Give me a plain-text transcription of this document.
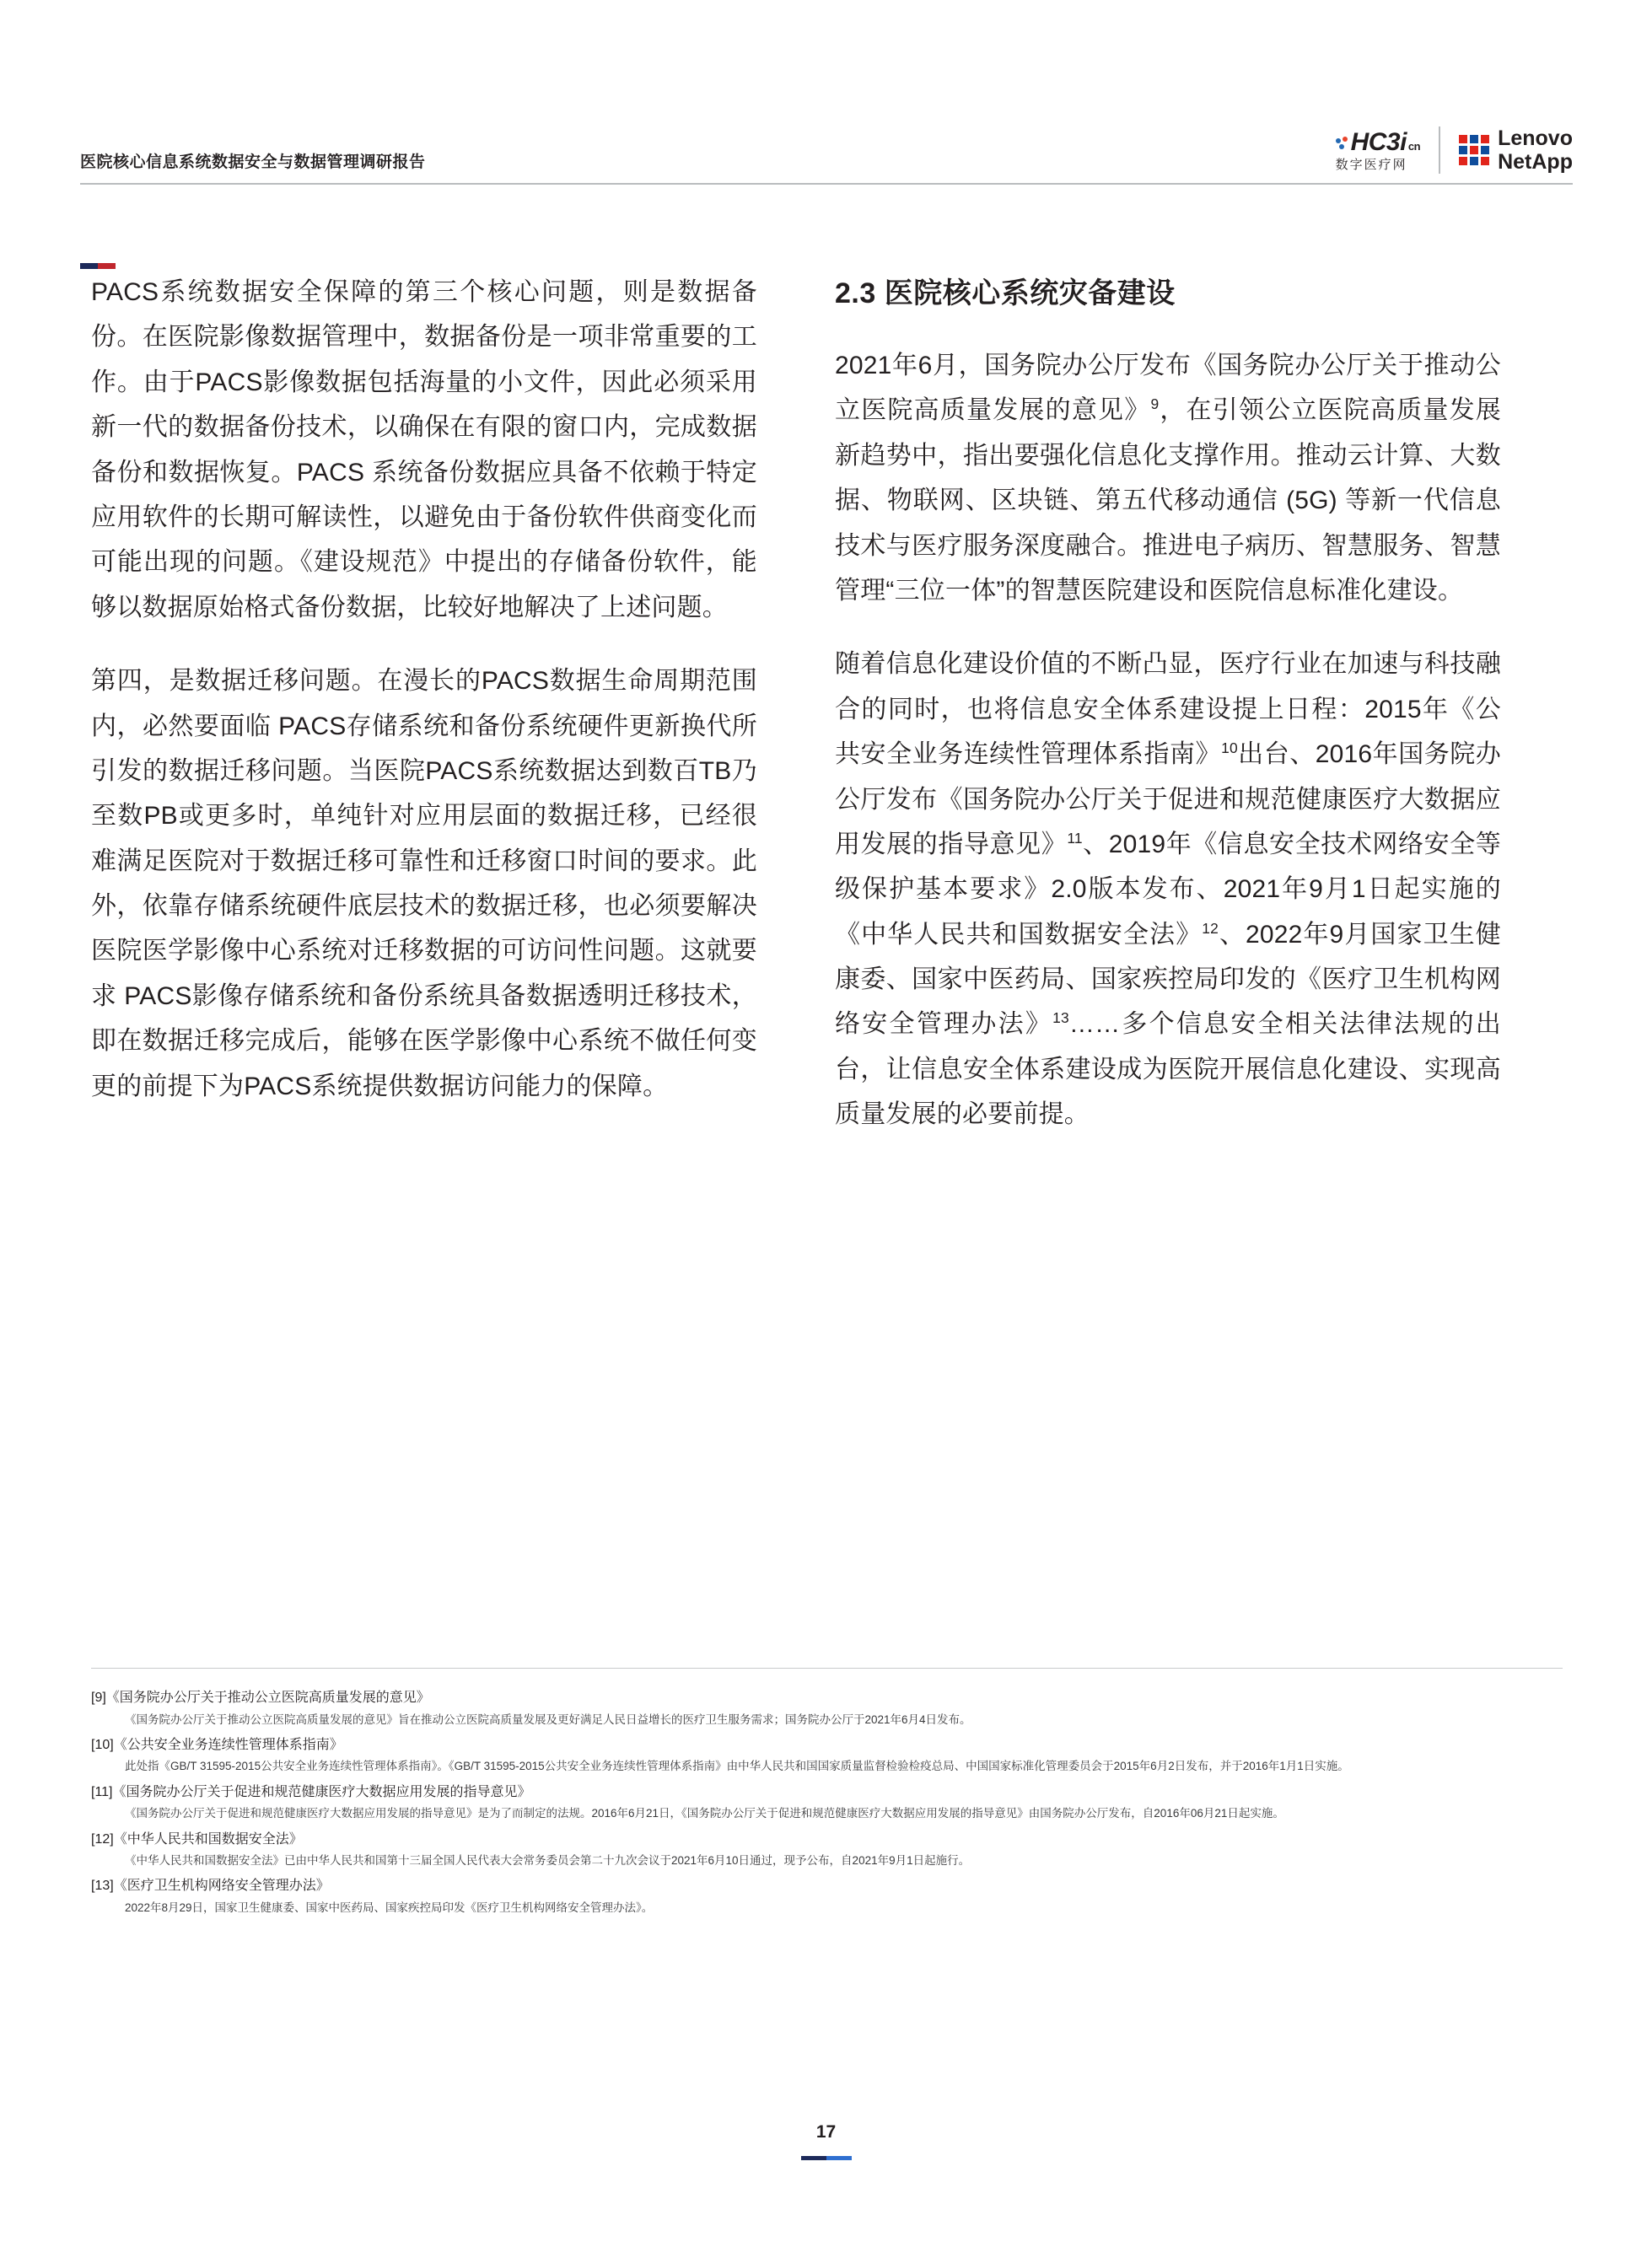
医院核心信息系统数据安全与数据管理调研报告
HC3i cn
数字医疗网
Lenovo
NetApp

PACS系统数据安全保障的第三个核心问题，则是数据备份。在医院影像数据管理中，数据备份是一项非常重要的工作。由于PACS影像数据包括海量的小文件，因此必须采用新一代的数据备份技术，以确保在有限的窗口内，完成数据备份和数据恢复。PACS 系统备份数据应具备不依赖于特定应用软件的长期可解读性，以避免由于备份软件供商变化而可能出现的问题。《建设规范》中提出的存储备份软件，能够以数据原始格式备份数据，比较好地解决了上述问题。

第四，是数据迁移问题。在漫长的PACS数据生命周期范围内，必然要面临 PACS存储系统和备份系统硬件更新换代所引发的数据迁移问题。当医院PACS系统数据达到数百TB乃至数PB或更多时，单纯针对应用层面的数据迁移，已经很难满足医院对于数据迁移可靠性和迁移窗口时间的要求。此外，依靠存储系统硬件底层技术的数据迁移，也必须要解决医院医学影像中心系统对迁移数据的可访问性问题。这就要求 PACS影像存储系统和备份系统具备数据透明迁移技术，即在数据迁移完成后，能够在医学影像中心系统不做任何变更的前提下为PACS系统提供数据访问能力的保障。

2.3 医院核心系统灾备建设

2021年6月，国务院办公厅发布《国务院办公厅关于推动公立医院高质量发展的意见》$^9$，在引领公立医院高质量发展新趋势中，指出要强化信息化支撑作用。推动云计算、大数据、物联网、区块链、第五代移动通信 (5G) 等新一代信息技术与医疗服务深度融合。推进电子病历、智慧服务、智慧管理“三位一体”的智慧医院建设和医院信息标准化建设。

随着信息化建设价值的不断凸显，医疗行业在加速与科技融合的同时，也将信息安全体系建设提上日程：2015年《公共安全业务连续性管理体系指南》$^{10}$出台、2016年国务院办公厅发布《国务院办公厅关于促进和规范健康医疗大数据应用发展的指导意见》$^{11}$、2019年《信息安全技术网络安全等级保护基本要求》2.0版本发布、2021年9月1日起实施的《中华人民共和国数据安全法》$^{12}$、2022年9月国家卫生健康委、国家中医药局、国家疾控局印发的《医疗卫生机构网络安全管理办法》$^{13}$……多个信息安全相关法律法规的出台，让信息安全体系建设成为医院开展信息化建设、实现高质量发展的必要前提。

[9]《国务院办公厅关于推动公立医院高质量发展的意见》
《国务院办公厅关于推动公立医院高质量发展的意见》旨在推动公立医院高质量发展及更好满足人民日益增长的医疗卫生服务需求；国务院办公厅于2021年6月4日发布。
[10]《公共安全业务连续性管理体系指南》
此处指《GB/T 31595-2015公共安全业务连续性管理体系指南》。《GB/T 31595-2015公共安全业务连续性管理体系指南》由中华人民共和国国家质量监督检验检疫总局、中国国家标准化管理委员会于2015年6月2日发布，并于2016年1月1日实施。
[11]《国务院办公厅关于促进和规范健康医疗大数据应用发展的指导意见》
《国务院办公厅关于促进和规范健康医疗大数据应用发展的指导意见》是为了而制定的法规。2016年6月21日，《国务院办公厅关于促进和规范健康医疗大数据应用发展的指导意见》由国务院办公厅发布，自2016年06月21日起实施。
[12]《中华人民共和国数据安全法》
《中华人民共和国数据安全法》已由中华人民共和国第十三届全国人民代表大会常务委员会第二十九次会议于2021年6月10日通过，现予公布，自2021年9月1日起施行。
[13]《医疗卫生机构网络安全管理办法》
2022年8月29日，国家卫生健康委、国家中医药局、国家疾控局印发《医疗卫生机构网络安全管理办法》。
17
